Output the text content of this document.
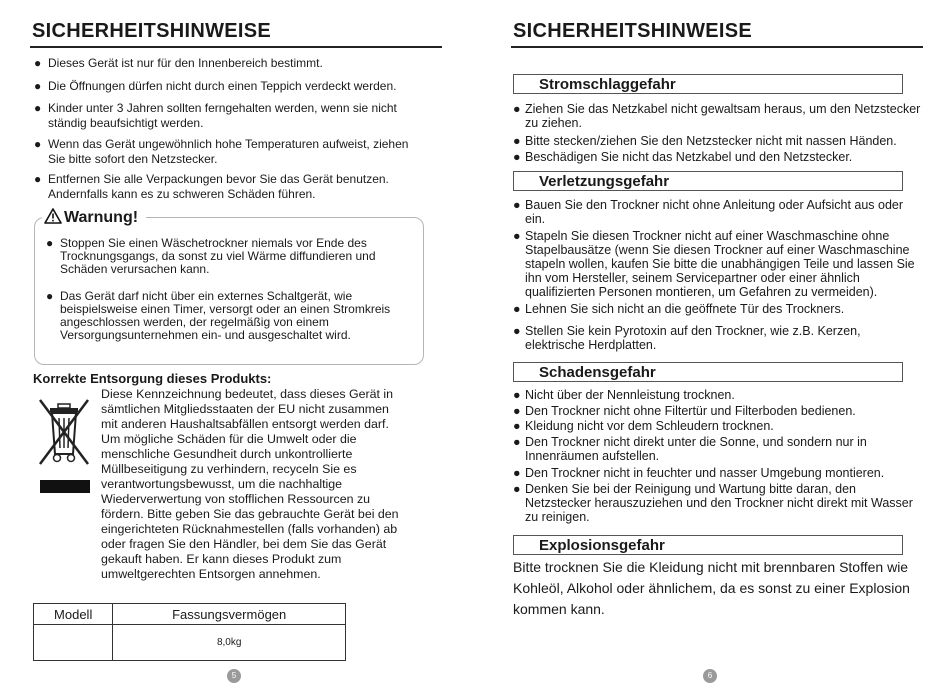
SICHERHEITSHINWEISE
● Dieses Gerät ist nur für den Innenbereich bestimmt.
● Die Öffnungen dürfen nicht durch einen Teppich verdeckt werden.
● Kinder unter 3 Jahren sollten ferngehalten werden, wenn sie nicht ständig beaufsichtigt werden.
● Wenn das Gerät ungewöhnlich hohe Temperaturen aufweist, ziehen Sie bitte sofort den Netzstecker.
● Entfernen Sie alle Verpackungen bevor Sie das Gerät benutzen. Andernfalls kann es zu schweren Schäden führen.
Warnung!
● Stoppen Sie einen Wäschetrockner niemals vor Ende des Trocknungsgangs, da sonst zu viel Wärme diffundieren und Schäden verursachen kann.
● Das Gerät darf nicht über ein externes Schaltgerät, wie beispielsweise einen Timer, versorgt oder an einen Stromkreis angeschlossen werden, der regelmäßig von einem Versorgungsunternehmen ein- und ausgeschaltet wird.
Korrekte Entsorgung dieses Produkts:
Diese Kennzeichnung bedeutet, dass dieses Gerät in sämtlichen Mitgliedsstaaten der EU nicht zusammen mit anderen Haushaltsabfällen entsorgt werden darf. Um mögliche Schäden für die Umwelt oder die menschliche Gesundheit durch unkontrollierte Müllbeseitigung zu verhindern, recyceln Sie es verantwortungsbewusst, um die nachhaltige Wiederverwertung von stofflichen Ressourcen zu fördern. Bitte geben Sie das gebrauchte Gerät bei den eingerichteten Rücknahmestellen (falls vorhanden) ab oder fragen Sie den Händler, bei dem Sie das Gerät gekauft haben. Er kann dieses Produkt zum umweltgerechten Entsorgen annehmen.
Modell	Fassungsvermögen
	8,0kg
5
SICHERHEITSHINWEISE
Stromschlaggefahr
● Ziehen Sie das Netzkabel nicht gewaltsam heraus, um den Netzstecker zu ziehen.
● Bitte stecken/ziehen Sie den Netzstecker nicht mit nassen Händen.
● Beschädigen Sie nicht das Netzkabel und den Netzstecker.
Verletzungsgefahr
● Bauen Sie den Trockner nicht ohne Anleitung oder Aufsicht aus oder ein.
● Stapeln Sie diesen Trockner nicht auf einer Waschmaschine ohne Stapelbausätze (wenn Sie diesen Trockner auf einer Waschmaschine stapeln wollen, kaufen Sie bitte die unabhängigen Teile und lassen Sie ihn vom Hersteller, seinem Servicepartner oder einer ähnlich qualifizierten Personen montieren, um Gefahren zu vermeiden).
● Lehnen Sie sich nicht an die geöffnete Tür des Trockners.
● Stellen Sie kein Pyrotoxin auf den Trockner, wie z.B. Kerzen, elektrische Herdplatten.
Schadensgefahr
● Nicht über der Nennleistung trocknen.
● Den Trockner nicht ohne Filtertür und Filterboden bedienen.
● Kleidung nicht vor dem Schleudern trocknen.
● Den Trockner nicht direkt unter die Sonne, und sondern nur in Innenräumen aufstellen.
● Den Trockner nicht in feuchter und nasser Umgebung montieren.
● Denken Sie bei der Reinigung und Wartung bitte daran, den Netzstecker herauszuziehen und den Trockner nicht direkt mit Wasser zu reinigen.
Explosionsgefahr
Bitte trocknen Sie die Kleidung nicht mit brennbaren Stoffen wie Kohleöl, Alkohol oder ähnlichem, da es sonst zu einer Explosion kommen kann.
6
